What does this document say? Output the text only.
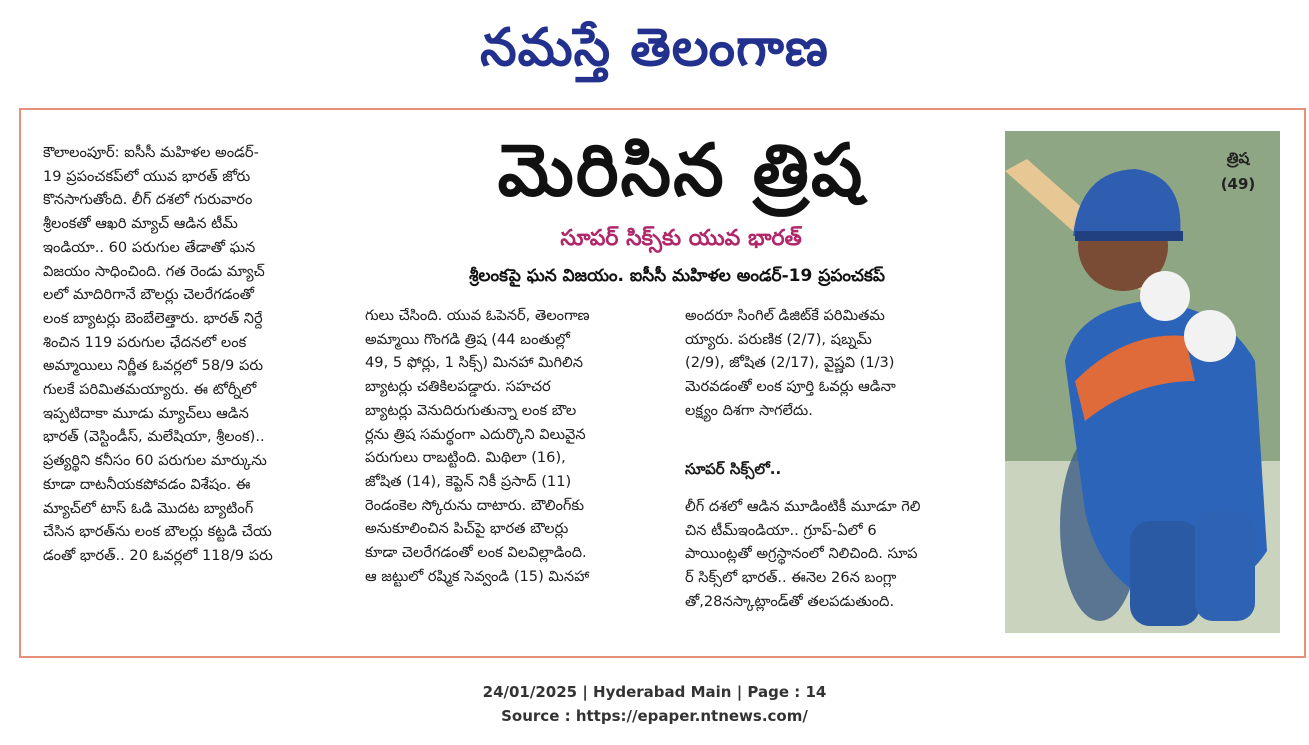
నమస్తే తెలంగాణ
మెరిసిన త్రిష
సూపర్ సిక్స్‌కు యువ భారత్
శ్రీలంకపై ఘన విజయం. ఐసీసీ మహిళల అండర్-19 ప్రపంచకప్
కౌలాలంపూర్: ఐసీసీ మహిళల అండర్-
19 ప్రపంచకప్‌లో యువ భారత్ జోరు
కొనసాగుతోంది. లీగ్ దశలో గురువారం
శ్రీలంకతో ఆఖరి మ్యాచ్ ఆడిన టీమ్
ఇండియా.. 60 పరుగుల తేడాతో ఘన
విజయం సాధించింది. గత రెండు మ్యాచ్
లలో మాదిరిగానే బౌలర్లు చెలరేగడంతో
లంక బ్యాటర్లు బెంబేలెత్తారు. భారత్ నిర్దే
శించిన 119 పరుగుల ఛేదనలో లంక
అమ్మాయిలు నిర్ణీత ఓవర్లలో 58/9 పరు
గులకే పరిమితమయ్యారు. ఈ టోర్నీలో
ఇప్పటిదాకా మూడు మ్యాచ్‌లు ఆడిన
భారత్ (వెస్టిండీస్, మలేషియా, శ్రీలంక)..
ప్రత్యర్థిని కనీసం 60 పరుగుల మార్కును
కూడా దాటనీయకపోవడం విశేషం. ఈ
మ్యాచ్‌లో టాస్ ఓడి మొదట బ్యాటింగ్
చేసిన భారత్‌ను లంక బౌలర్లు కట్టడి చేయ
డంతో భారత్.. 20 ఓవర్లలో 118/9 పరు
గులు చేసింది. యువ ఓపెనర్, తెలంగాణ
అమ్మాయి గొంగడి త్రిష (44 బంతుల్లో
49, 5 ఫోర్లు, 1 సిక్స్) మినహా మిగిలిన
బ్యాటర్లు చతికిలపడ్డారు. సహచర
బ్యాటర్లు వెనుదిరుగుతున్నా లంక బౌల
ర్లను త్రిష సమర్థంగా ఎదుర్కొని విలువైన
పరుగులు రాబట్టింది. మిథిలా (16),
జోషిత (14), కెప్టెన్ నికీ ప్రసాద్ (11)
రెండంకెల స్కోరును దాటారు. బౌలింగ్‌కు
అనుకూలించిన పిచ్‌పై భారత బౌలర్లు
కూడా చెలరేగడంతో లంక విలవిల్లాడింది.
ఆ జట్టులో రష్మిక సెవ్వండి (15) మినహా
అందరూ సింగిల్ డిజిట్‌కే పరిమితమ
య్యారు. పరుణిక (2/7), షబ్నమ్
(2/9), జోషిత (2/17), వైష్ణవి (1/3)
మెరవడంతో లంక పూర్తి ఓవర్లు ఆడినా
లక్ష్యం దిశగా సాగలేదు.
సూపర్ సిక్స్‌లో..
లీగ్ దశలో ఆడిన మూడింటికీ మూడూ గెలి
చిన టీమ్‌ఇండియా.. గ్రూప్-ఏలో 6
పాయింట్లతో అగ్రస్థానంలో నిలిచింది. సూప
ర్ సిక్స్‌లో భారత్.. ఈనెల 26న బంగ్లా
తో,28నస్కాట్లాండ్‌తో తలపడుతుంది.
త్రిష
(49)
24/01/2025 | Hyderabad Main | Page : 14
Source : https://epaper.ntnews.com/
